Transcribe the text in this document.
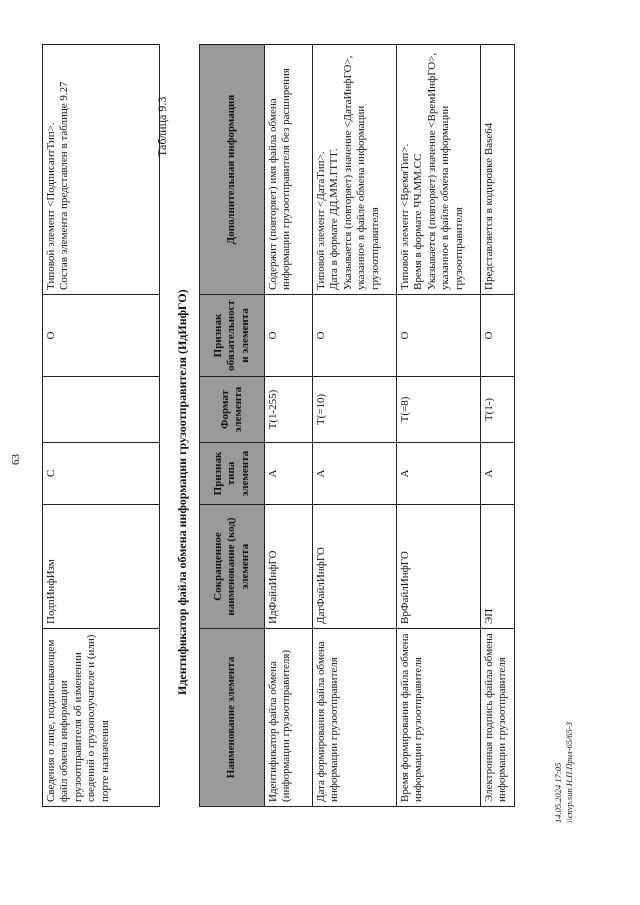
63
Сведения о лице, подписывающем файл обмена информации грузоотправителя об изменении сведений о грузополучателе и (или) порте назначения	ПодпИнфИзм	С		О	Типовой элемент <ПодписантТип>.
Состав элемента представлен в таблице 9.27
Таблица 9.3
Идентификатор файла обмена информации грузоотправителя (ИдИнфГО)
Наименование элемента	Сокращенное наименование (код) элемента	Признак типа элемента	Формат элемента	Признак обязательности элемента	Дополнительная информация
Идентификатор файла обмена (информации грузоотправителя)	ИдФайлИнфГО	А	T(1-255)	О	Содержит (повторяет) имя файла обмена информации грузоотправителя без расширения
Дата формирования файла обмена информации грузоотправителя	ДатФайлИнфГО	А	T(=10)	О	Типовой элемент <ДатаТип>.
Дата в формате ДД.ММ.ГГГГ.
Указывается (повторяет) значение <ДатаИнфГО>, указанное в файле обмена информации грузоотправителя
Время формирования файла обмена информации грузоотправителя	ВрФайлИнфГО	А	T(=8)	О	Типовой элемент <ВремяТип>.
Время в формате ЧЧ.ММ.СС
Указывается (повторяет) значение <ВремИнфГО>, указанное в файле обмена информации грузоотправителя
Электронная подпись файла обмена информации грузоотправителя	ЭП	А	T(1-)	О	Представляется в кодировке Base64
14.05.2024 17:05 \\cnvp.sun Н.П.Прил-65/65-3
